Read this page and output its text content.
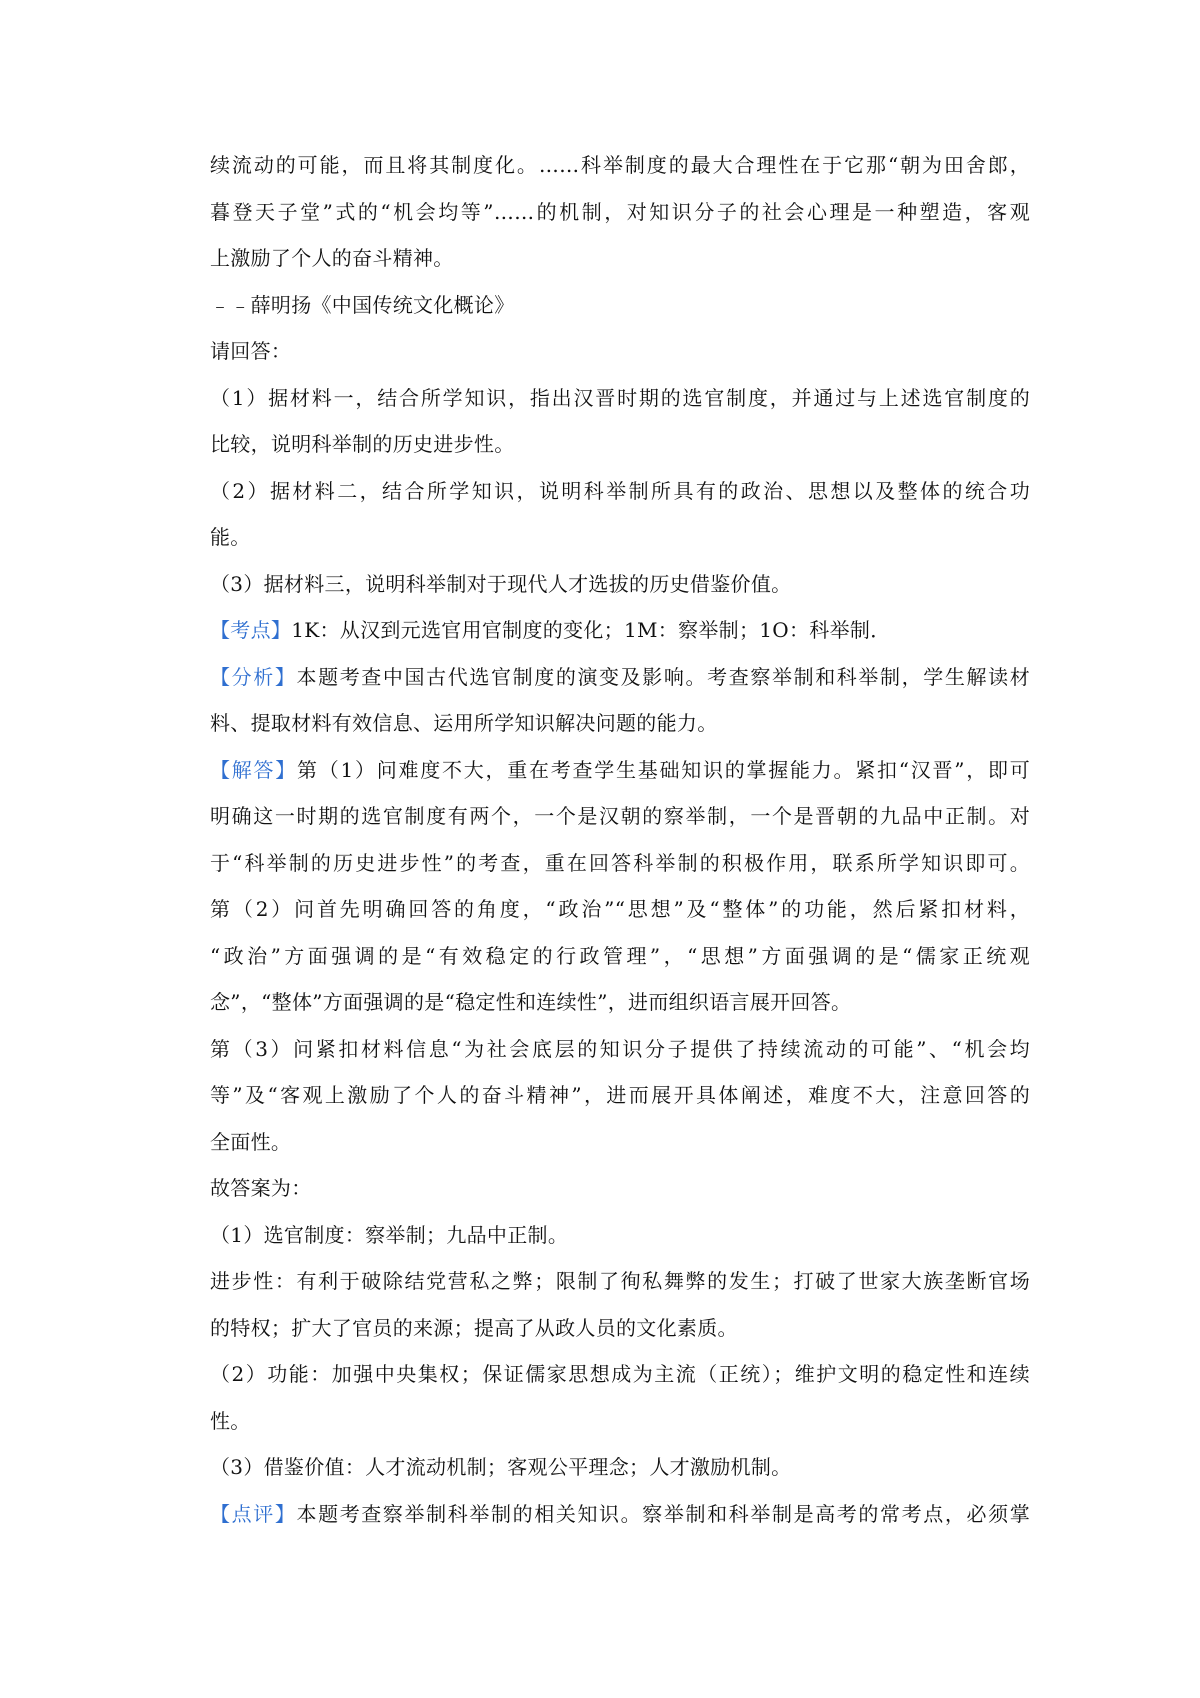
续流动的可能，而且将其制度化。……科举制度的最大合理性在于它那“朝为田舍郎，
暮登天子堂”式的“机会均等”……的机制，对知识分子的社会心理是一种塑造，客观
上激励了个人的奋斗精神。
﹣﹣薛明扬《中国传统文化概论》
请回答：
（1）据材料一，结合所学知识，指出汉晋时期的选官制度，并通过与上述选官制度的
比较，说明科举制的历史进步性。
（2）据材料二，结合所学知识，说明科举制所具有的政治、思想以及整体的统合功
能。
（3）据材料三，说明科举制对于现代人才选拔的历史借鉴价值。
【考点】1K：从汉到元选官用官制度的变化；1M：察举制；1O：科举制．
【分析】本题考查中国古代选官制度的演变及影响。考查察举制和科举制，学生解读材
料、提取材料有效信息、运用所学知识解决问题的能力。
【解答】第（1）问难度不大，重在考查学生基础知识的掌握能力。紧扣“汉晋”，即可
明确这一时期的选官制度有两个，一个是汉朝的察举制，一个是晋朝的九品中正制。对
于“科举制的历史进步性”的考查，重在回答科举制的积极作用，联系所学知识即可。
第（2）问首先明确回答的角度，“政治”“思想”及“整体”的功能，然后紧扣材料，
“政治”方面强调的是“有效稳定的行政管理”，“思想”方面强调的是“儒家正统观
念”，“整体”方面强调的是“稳定性和连续性”，进而组织语言展开回答。
第（3）问紧扣材料信息“为社会底层的知识分子提供了持续流动的可能”、“机会均
等”及“客观上激励了个人的奋斗精神”，进而展开具体阐述，难度不大，注意回答的
全面性。
故答案为：
（1）选官制度：察举制；九品中正制。
进步性：有利于破除结党营私之弊；限制了徇私舞弊的发生；打破了世家大族垄断官场
的特权；扩大了官员的来源；提高了从政人员的文化素质。
（2）功能：加强中央集权；保证儒家思想成为主流（正统）；维护文明的稳定性和连续
性。
（3）借鉴价值：人才流动机制；客观公平理念；人才激励机制。
【点评】本题考查察举制科举制的相关知识。察举制和科举制是高考的常考点，必须掌
